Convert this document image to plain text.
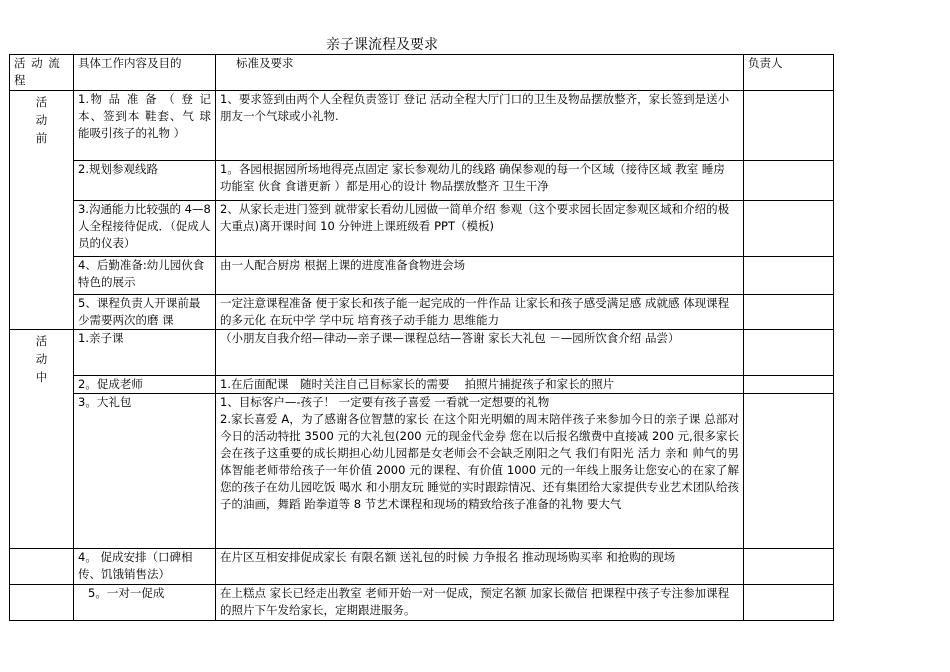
亲子课流程及要求
活 动 流 程	具体工作内容及目的	标准及要求	负责人

活动前	1.物 品 准 备 （ 登 记 本、签到本 鞋套、气 球 能吸引孩子的礼物 ）	1、要求签到由两个人全程负责签订 登记 活动全程大厅门口的卫生及物品摆放整齐，家长签到是送小朋友一个气球或小礼物.	
	2.规划参观线路	1。各园根据园所场地得亮点固定 家长参观幼儿的线路 确保参观的每一个区域（接待区域 教室 睡房 功能室 伙食 食谱更新 ）都是用心的设计 物品摆放整齐 卫生干净	
	3.沟通能力比较强的 4—8 人全程接待促成．（促成人员的仪表）	2、从家长走进门签到 就带家长看幼儿园做一简单介绍 参观（这个要求园长固定参观区域和介绍的极大重点)离开课时间 10 分钟进上课班级看 PPT（模板)	
	4、后勤准备:幼儿园伙食特色的展示	由一人配合厨房 根据上课的进度准备食物进会场	
	5、课程负责人开课前最少需要两次的磨 课	一定注意课程准备 便于家长和孩子能一起完成的一件作品 让家长和孩子感受满足感 成就感 体现课程的多元化 在玩中学 学中玩 培育孩子动手能力 思维能力	

活动中	1.亲子课	（小朋友自我介绍—律动—亲子课—课程总结—答谢 家长大礼包 －—园所饮食介绍 品尝）	
	2。促成老师	1.在后面配课　随时关注自己目标家长的需要　 拍照片捕捉孩子和家长的照片	
	3。大礼包	1、目标客户—-孩子！ 一定要有孩子喜爱 一看就一定想要的礼物
2.家长喜爱 A，为了感谢各位智慧的家长 在这个阳光明媚的周末陪伴孩子来参加今日的亲子课 总部对今日的活动特批 3500 元的大礼包(200 元的现金代金券 您在以后报名缴费中直接减 200 元,很多家长会在孩子这重要的成长期担心幼儿园都是女老师会不会缺乏刚阳之气 我们有阳光 活力 亲和 帅气的男体智能老师带给孩子一年价值 2000 元的课程、有价值 1000 元的一年线上服务让您安心的在家了解您的孩子在幼儿园吃饭 喝水 和小朋友玩 睡觉的实时跟踪情况、还有集团给大家提供专业艺术团队给孩子的油画，舞蹈 跆拳道等 8 节艺术课程和现场的精致给孩子准备的礼物 要大气	

	4。 促成安排（口碑相传、饥饿销售法）	在片区互相安排促成家长 有限名额 送礼包的时候 力争报名 推动现场购买率 和抢购的现场	
	5。一对一促成	在上糕点 家长已经走出教室 老师开始一对一促成，预定名额 加家长微信 把课程中孩子专注参加课程的照片下午发给家长，定期跟进服务。	
